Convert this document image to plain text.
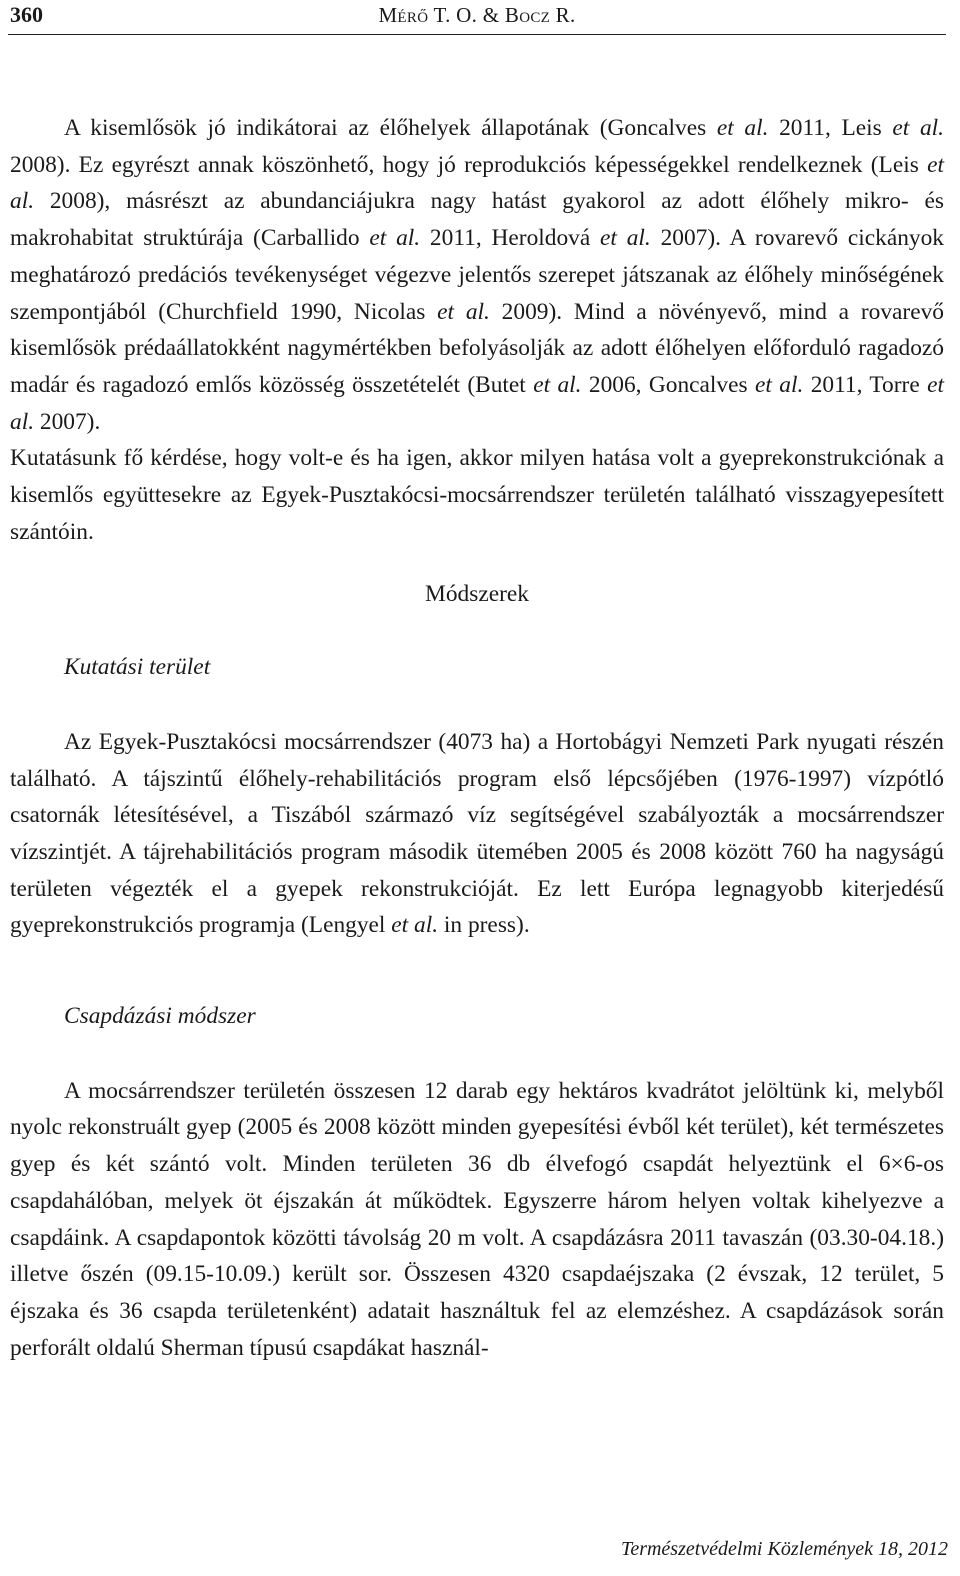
360	Mérő T. O. & Bocz R.

A kisemlősök jó indikátorai az élőhelyek állapotának (Goncalves et al. 2011, Leis et al. 2008). Ez egyrészt annak köszönhető, hogy jó reprodukciós képességekkel rendelkeznek (Leis et al. 2008), másrészt az abundanciájukra nagy hatást gyakorol az adott élőhely mikro- és makrohabitat struktúrája (Carballido et al. 2011, Heroldová et al. 2007). A rovarevő cickányok meghatározó predációs tevékenységet végezve jelentős szerepet játszanak az élőhely minőségének szempontjából (Churchfield 1990, Nicolas et al. 2009). Mind a növényevő, mind a rovarevő kisemlősök prédaállatokként nagymértékben befolyásolják az adott élőhelyen előforduló ragadozó madár és ragadozó emlős közösség összetételét (Butet et al. 2006, Goncalves et al. 2011, Torre et al. 2007).

Kutatásunk fő kérdése, hogy volt-e és ha igen, akkor milyen hatása volt a gyeprekonstrukciónak a kisemlős együttesekre az Egyek-Pusztakócsi-mocsárrendszer területén található visszagyepesített szántóin.

Módszerek
Kutatási terület

Az Egyek-Pusztakócsi mocsárrendszer (4073 ha) a Hortobágyi Nemzeti Park nyugati részén található. A tájszintű élőhely-rehabilitációs program első lépcsőjében (1976-1997) vízpótló csatornák létesítésével, a Tiszából származó víz segítségével szabályozták a mocsárrendszer vízszintjét. A tájrehabilitációs program második ütemében 2005 és 2008 között 760 ha nagyságú területen végezték el a gyepek rekonstrukcióját. Ez lett Európa legnagyobb kiterjedésű gyeprekonstrukciós programja (Lengyel et al. in press).

Csapdázási módszer

A mocsárrendszer területén összesen 12 darab egy hektáros kvadrátot jelöltünk ki, melyből nyolc rekonstruált gyep (2005 és 2008 között minden gyepesítési évből két terület), két természetes gyep és két szántó volt. Minden területen 36 db élvefogó csapdát helyeztünk el 6×6-os csapdahálóban, melyek öt éjszakán át működtek. Egyszerre három helyen voltak kihelyezve a csapdáink. A csapdapontok közötti távolság 20 m volt. A csapdázásra 2011 tavaszán (03.30-04.18.) illetve őszén (09.15-10.09.) került sor. Összesen 4320 csapdaéjszaka (2 évszak, 12 terület, 5 éjszaka és 36 csapda területenként) adatait használtuk fel az elemzéshez. A csapdázások során perforált oldalú Sherman típusú csapdákat használ-

Természetvédelmi Közlemények 18, 2012
